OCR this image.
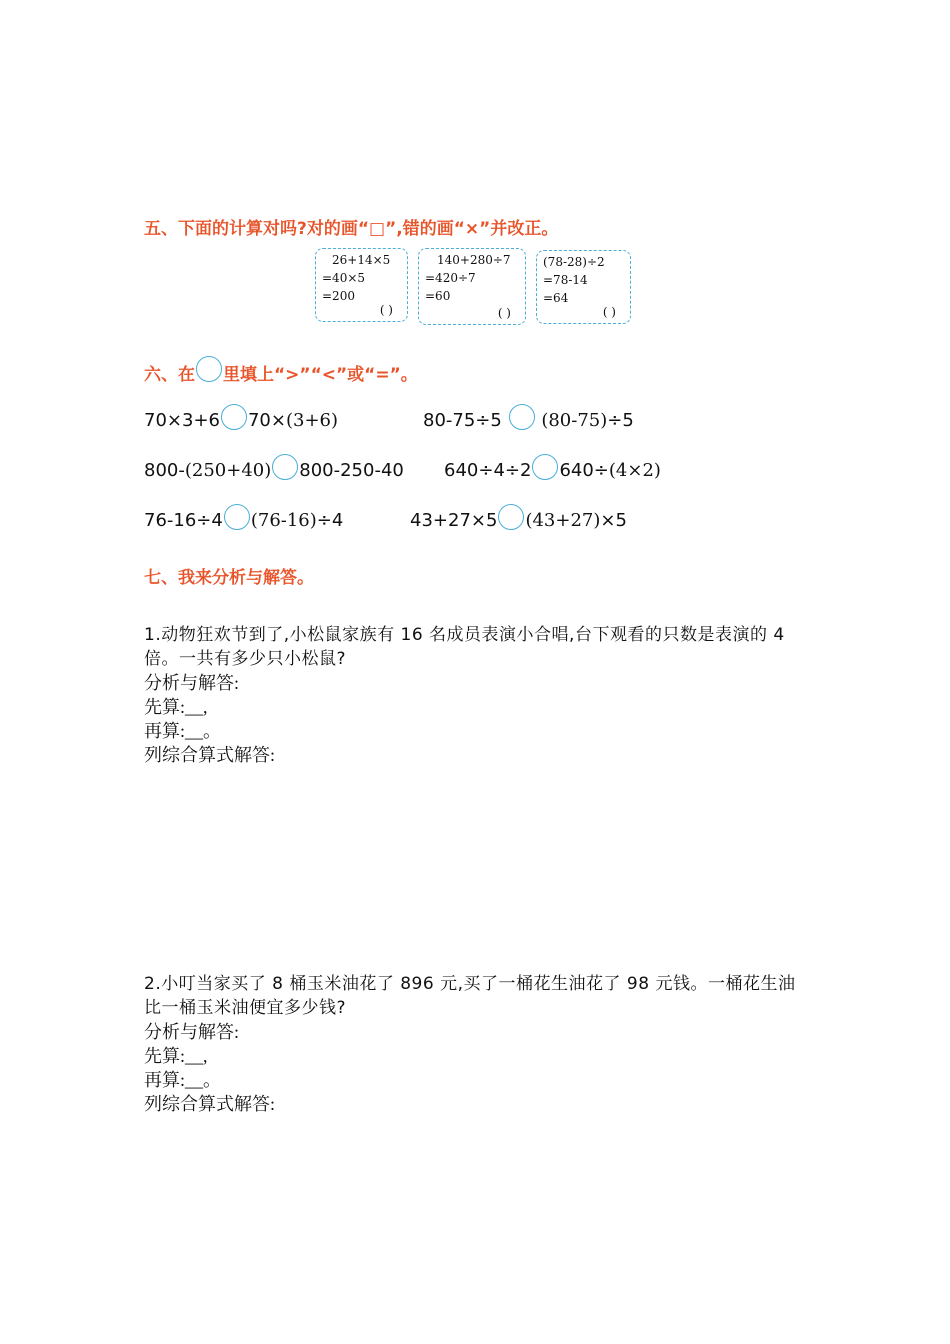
五、下面的计算对吗?对的画“□”,错的画“×”并改正。
26+14×5
=40×5
=200
( )
140+280÷7
=420÷7
=60
( )
(78-28)÷2
=78-14
=64
( )
六、在 里填上“>”“<”或“=”。
70×3+6 70×(3+6)	80-75÷5 (80-75)÷5
800-(250+40) 800-250-40 640÷4÷2 640÷(4×2)
76-16÷4 (76-16)÷4	43+27×5 (43+27)×5
七、我来分析与解答。
1.动物狂欢节到了,小松鼠家族有 16 名成员表演小合唱,台下观看的只数是表演的 4 倍。一共有多少只小松鼠?
分析与解答:
先算:__,
再算:__。
列综合算式解答:
2.小叮当家买了 8 桶玉米油花了 896 元,买了一桶花生油花了 98 元钱。一桶花生油比一桶玉米油便宜多少钱?
分析与解答:
先算:__,
再算:__。
列综合算式解答:
